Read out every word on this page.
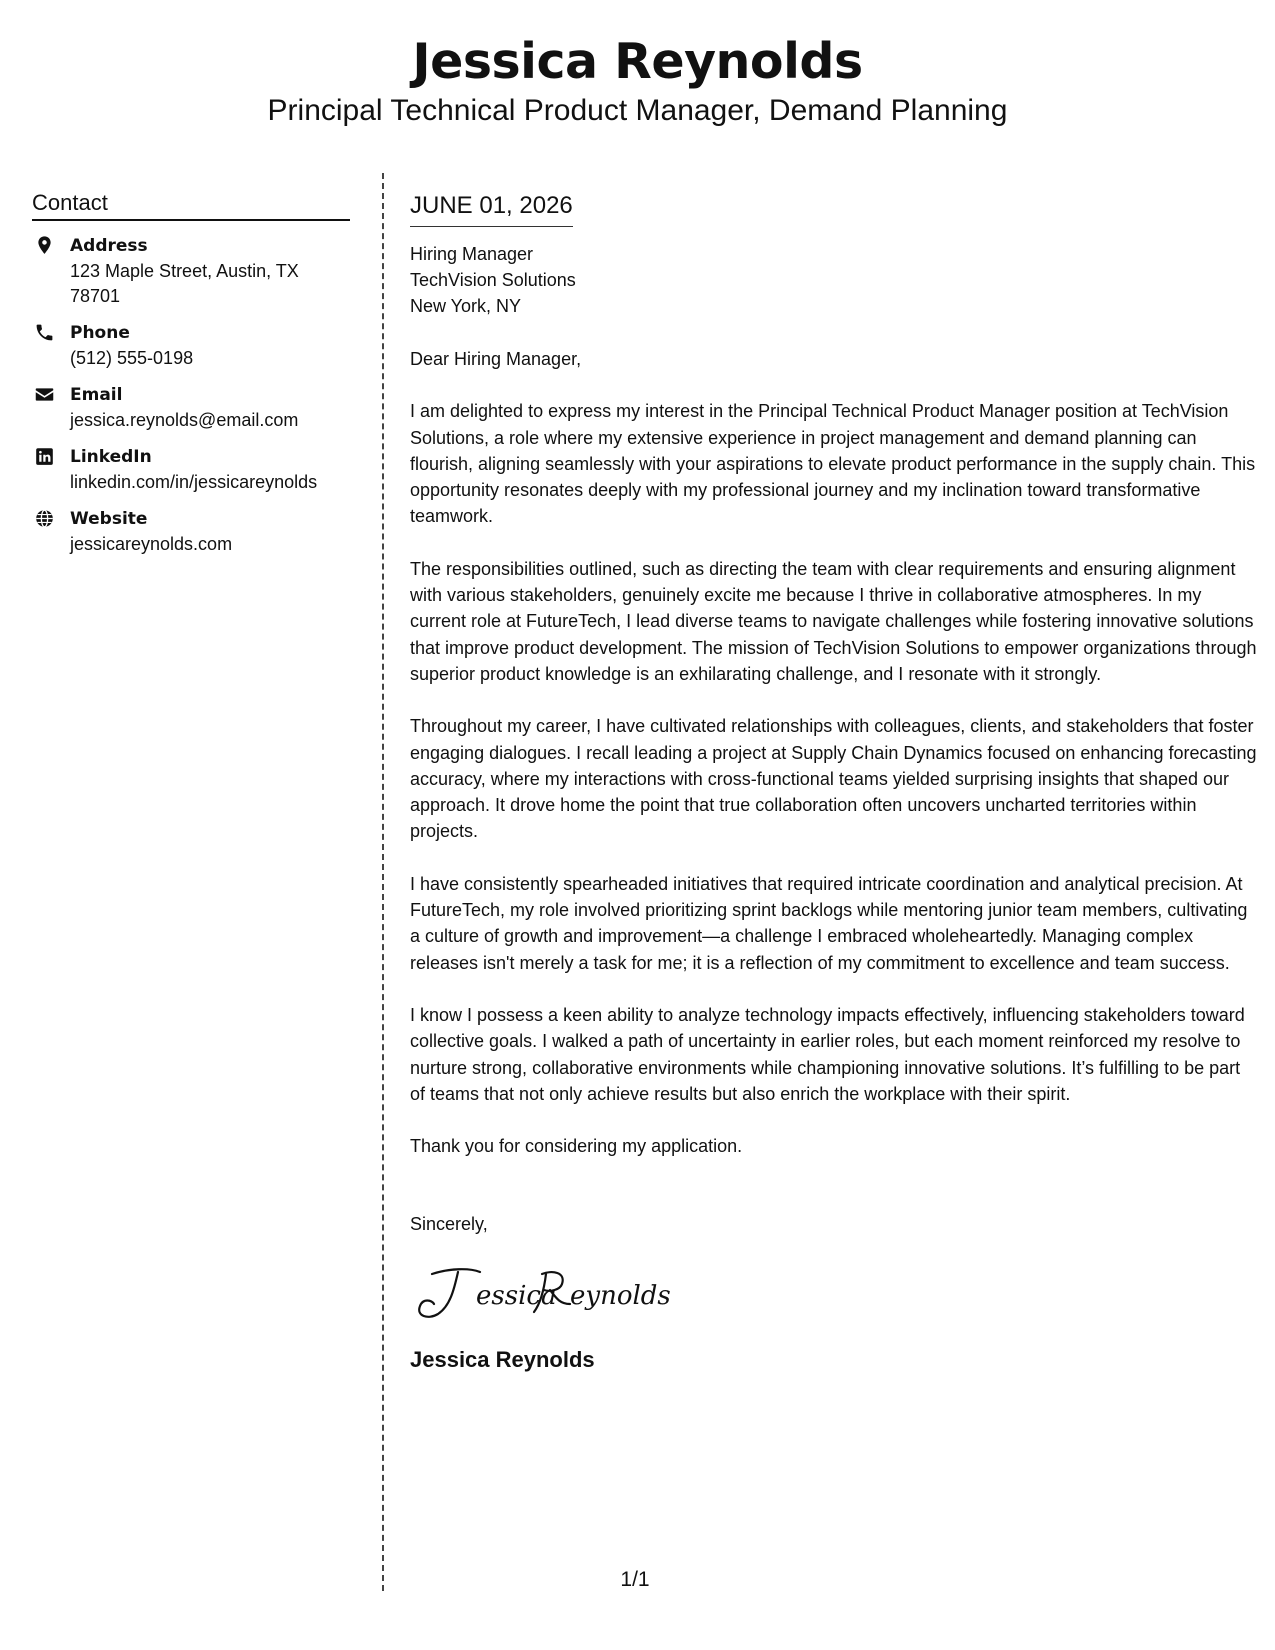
Jessica Reynolds
Principal Technical Product Manager, Demand Planning
Contact
Address
123 Maple Street, Austin, TX 78701
Phone
(512) 555-0198
Email
jessica.reynolds@email.com
LinkedIn
linkedin.com/in/jessicareynolds
Website
jessicareynolds.com
JUNE 01, 2026
Hiring Manager
TechVision Solutions
New York, NY
Dear Hiring Manager,

I am delighted to express my interest in the Principal Technical Product Manager position at TechVision Solutions, a role where my extensive experience in project management and demand planning can flourish, aligning seamlessly with your aspirations to elevate product performance in the supply chain. This opportunity resonates deeply with my professional journey and my inclination toward transformative teamwork.

The responsibilities outlined, such as directing the team with clear requirements and ensuring alignment with various stakeholders, genuinely excite me because I thrive in collaborative atmospheres. In my current role at FutureTech, I lead diverse teams to navigate challenges while fostering innovative solutions that improve product development. The mission of TechVision Solutions to empower organizations through superior product knowledge is an exhilarating challenge, and I resonate with it strongly.

Throughout my career, I have cultivated relationships with colleagues, clients, and stakeholders that foster engaging dialogues. I recall leading a project at Supply Chain Dynamics focused on enhancing forecasting accuracy, where my interactions with cross-functional teams yielded surprising insights that shaped our approach. It drove home the point that true collaboration often uncovers uncharted territories within projects.

I have consistently spearheaded initiatives that required intricate coordination and analytical precision. At FutureTech, my role involved prioritizing sprint backlogs while mentoring junior team members, cultivating a culture of growth and improvement—a challenge I embraced wholeheartedly. Managing complex releases isn't merely a task for me; it is a reflection of my commitment to excellence and team success.

I know I possess a keen ability to analyze technology impacts effectively, influencing stakeholders toward collective goals. I walked a path of uncertainty in earlier roles, but each moment reinforced my resolve to nurture strong, collaborative environments while championing innovative solutions. It’s fulfilling to be part of teams that not only achieve results but also enrich the workplace with their spirit.

Thank you for considering my application.
Sincerely,
essica eynolds
Jessica Reynolds
1/1
